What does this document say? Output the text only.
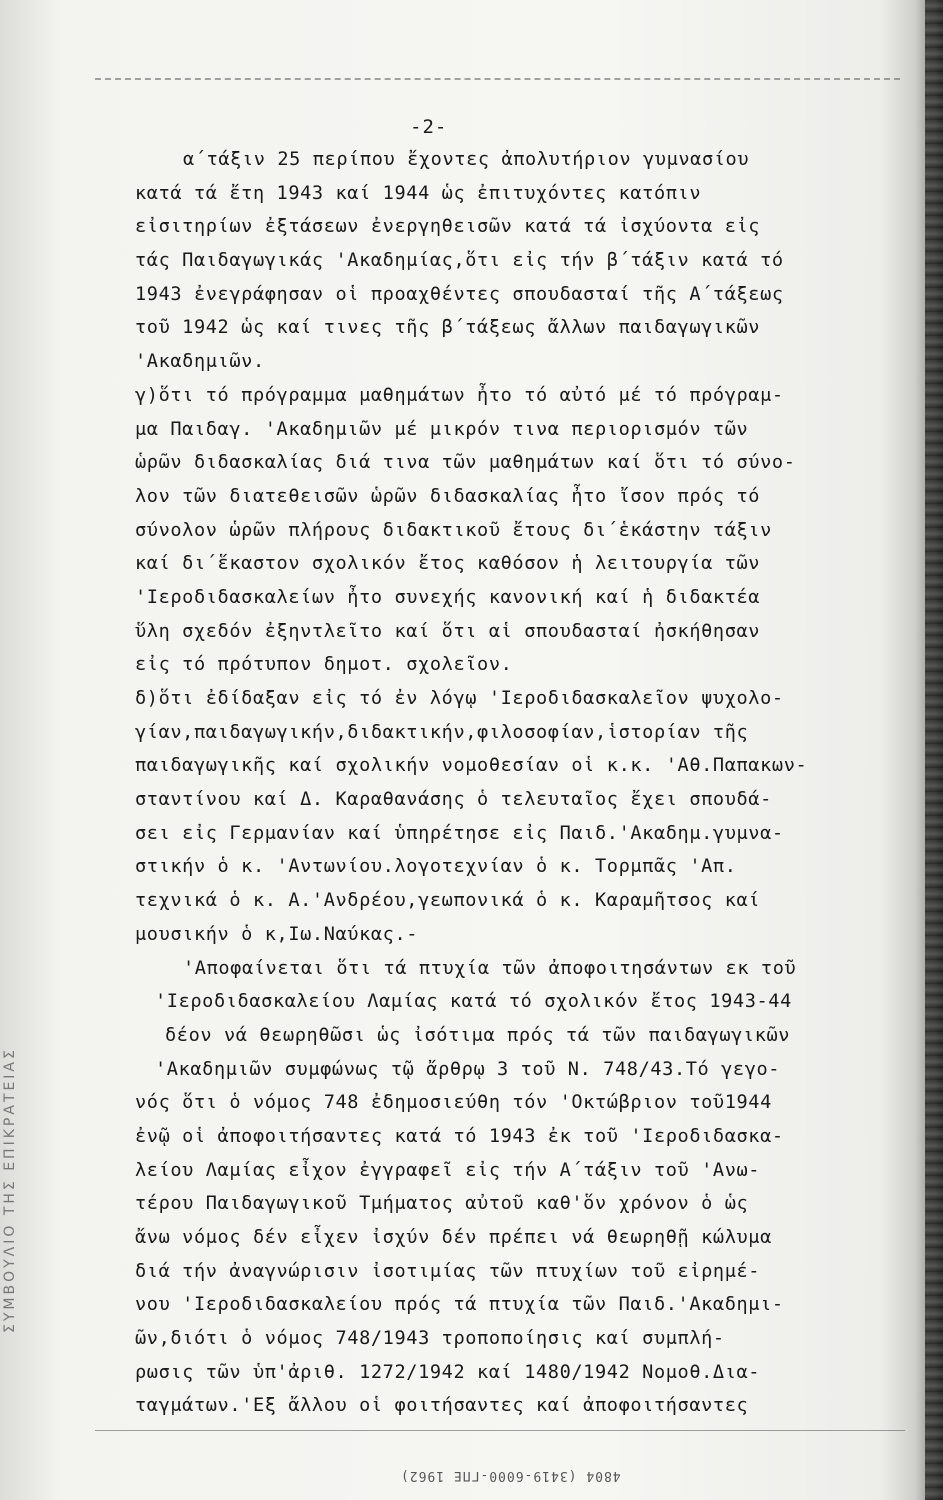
-2-
α΄τάξιν 25 περίπου ἔχοντες ἀπολυτήριον γυμνασίου
κατά τά ἔτη 1943 καί 1944 ὡς ἐπιτυχόντες κατόπιν
εἰσιτηρίων ἐξτάσεων ἐνεργηθεισῶν κατά τά ἰσχύοντα εἰς
τάς Παιδαγωγικάς 'Ακαδημίας,ὅτι εἰς τήν β΄τάξιν κατά τό
1943 ἐνεγράφησαν οἱ προαχθέντες σπουδασταί τῆς Α΄τάξεως
τοῦ 1942 ὡς καί τινες τῆς β΄τάξεως ἄλλων παιδαγωγικῶν
'Ακαδημιῶν.
γ)ὅτι τό πρόγραμμα μαθημάτων ἦτο τό αὐτό μέ τό πρόγραμ-
μα Παιδαγ. 'Ακαδημιῶν μέ μικρόν τινα περιορισμόν τῶν
ὡρῶν διδασκαλίας διά τινα τῶν μαθημάτων καί ὅτι τό σύνο-
λον τῶν διατεθεισῶν ὡρῶν διδασκαλίας ἦτο ἴσον πρός τό
σύνολον ὡρῶν πλήρους διδακτικοῦ ἔτους δι΄ἑκάστην τάξιν
καί δι΄ἕκαστον σχολικόν ἔτος καθόσον ἡ λειτουργία τῶν
'Ιεροδιδασκαλείων ἦτο συνεχής κανονική καί ἡ διδακτέα
ὕλη σχεδόν ἐξηντλεῖτο καί ὅτι αἱ σπουδασταί ἠσκήθησαν
εἰς τό πρότυπον δημοτ. σχολεῖον.
δ)ὅτι ἐδίδαξαν εἰς τό ἐν λόγῳ 'Ιεροδιδασκαλεῖον ψυχολο-
γίαν,παιδαγωγικήν,διδακτικήν,φιλοσοφίαν,ἱστορίαν τῆς
παιδαγωγικῆς καί σχολικήν νομοθεσίαν οἱ κ.κ. 'Αθ.Παπακων-
σταντίνου καί Δ. Καραθανάσης ὁ τελευταῖος ἔχει σπουδά-
σει εἰς Γερμανίαν καί ὑπηρέτησε εἰς Παιδ.'Ακαδημ.γυμνα-
στικήν ὁ κ. 'Αντωνίου.λογοτεχνίαν ὁ κ. Τορμπᾶς 'Απ.
τεχνικά ὁ κ. Α.'Ανδρέου,γεωπονικά ὁ κ. Καραμῆτσος καί
μουσικήν ὁ κ,Ιω.Ναύκας.-
'Αποφαίνεται ὅτι τά πτυχία τῶν ἀποφοιτησάντων εκ τοῦ
'Ιεροδιδασκαλείου Λαμίας κατά τό σχολικόν ἔτος 1943-44
δέον νά θεωρηθῶσι ὡς ἰσότιμα πρός τά τῶν παιδαγωγικῶν
'Ακαδημιῶν συμφώνως τῷ ἄρθρῳ 3 τοῦ Ν. 748/43.Τό γεγο-
νός ὅτι ὁ νόμος 748 ἐδημοσιεύθη τόν 'Οκτώβριον τοῦ1944
ἐνῷ οἱ ἀποφοιτήσαντες κατά τό 1943 ἐκ τοῦ 'Ιεροδιδασκα-
λείου Λαμίας εἶχον ἐγγραφεῖ εἰς τήν Α΄τάξιν τοῦ 'Ανω-
τέρου Παιδαγωγικοῦ Τμήματος αὐτοῦ καθ'ὅν χρόνον ὁ ὡς
ἄνω νόμος δέν εἶχεν ἰσχύν δέν πρέπει νά θεωρηθῇ κώλυμα
διά τήν ἀναγνώρισιν ἰσοτιμίας τῶν πτυχίων τοῦ εἰρημέ-
νου 'Ιεροδιδασκαλείου πρός τά πτυχία τῶν Παιδ.'Ακαδημι-
ῶν,διότι ὁ νόμος 748/1943 τροποποίησις καί συμπλή-
ρωσις τῶν ὑπ'ἀριθ. 1272/1942 καί 1480/1942 Νομοθ.Δια-
ταγμάτων.'Εξ ἄλλου οἱ φοιτήσαντες καί ἀποφοιτήσαντες
4804 (3419-6000-ΓΠΕ 1962)
ΣΥΜΒΟΥΛΙΟ ΤΗΣ ΕΠΙΚΡΑΤΕΙΑΣ
